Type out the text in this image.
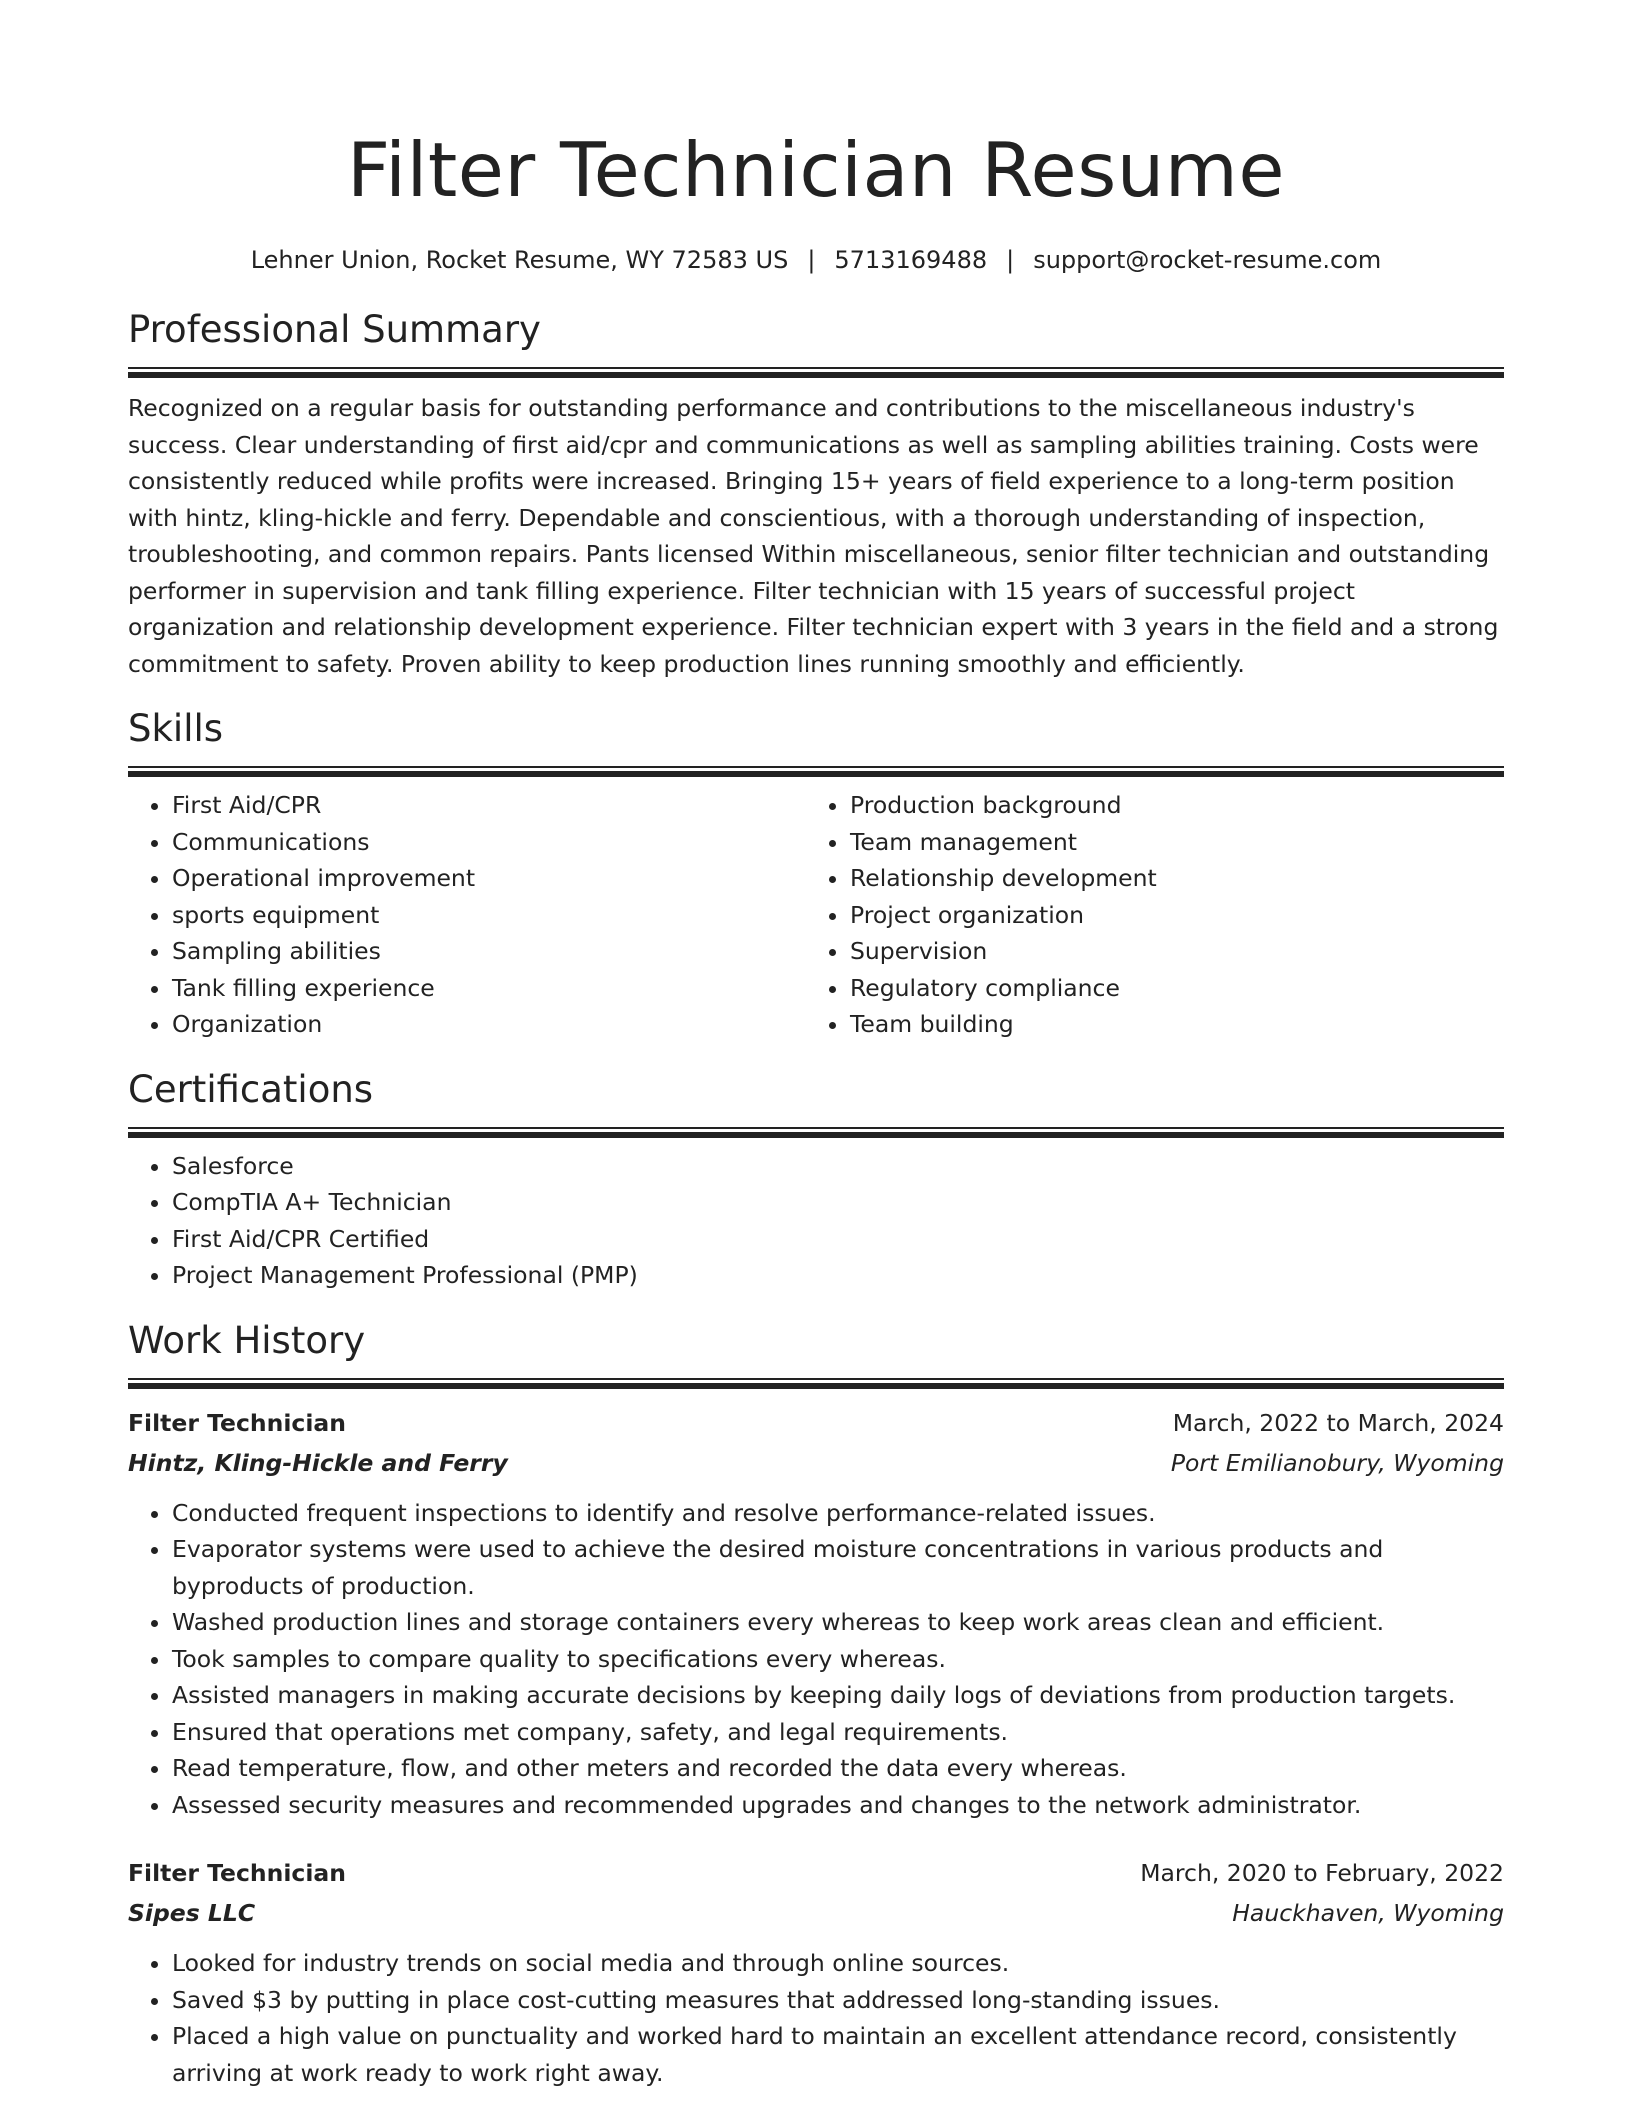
Filter Technician Resume
Lehner Union, Rocket Resume, WY 72583 US | 5713169488 | support@rocket-resume.com
Professional Summary

Recognized on a regular basis for outstanding performance and contributions to the miscellaneous industry's success. Clear understanding of first aid/cpr and communications as well as sampling abilities training. Costs were consistently reduced while profits were increased. Bringing 15+ years of field experience to a long-term position with hintz, kling-hickle and ferry. Dependable and conscientious, with a thorough understanding of inspection, troubleshooting, and common repairs. Pants licensed Within miscellaneous, senior filter technician and outstanding performer in supervision and tank filling experience. Filter technician with 15 years of successful project organization and relationship development experience. Filter technician expert with 3 years in the field and a strong commitment to safety. Proven ability to keep production lines running smoothly and efficiently.

Skills
• First Aid/CPR
• Communications
• Operational improvement
• sports equipment
• Sampling abilities
• Tank filling experience
• Organization
• Production background
• Team management
• Relationship development
• Project organization
• Supervision
• Regulatory compliance
• Team building
Certifications
• Salesforce
• CompTIA A+ Technician
• First Aid/CPR Certified
• Project Management Professional (PMP)
Work History
Filter Technician	March, 2022 to March, 2024
Hintz, Kling-Hickle and Ferry	Port Emilianobury, Wyoming
• Conducted frequent inspections to identify and resolve performance-related issues.
• Evaporator systems were used to achieve the desired moisture concentrations in various products and byproducts of production.
• Washed production lines and storage containers every whereas to keep work areas clean and efficient.
• Took samples to compare quality to specifications every whereas.
• Assisted managers in making accurate decisions by keeping daily logs of deviations from production targets.
• Ensured that operations met company, safety, and legal requirements.
• Read temperature, flow, and other meters and recorded the data every whereas.
• Assessed security measures and recommended upgrades and changes to the network administrator.
Filter Technician	March, 2020 to February, 2022
Sipes LLC	Hauckhaven, Wyoming
• Looked for industry trends on social media and through online sources.
• Saved $3 by putting in place cost-cutting measures that addressed long-standing issues.
• Placed a high value on punctuality and worked hard to maintain an excellent attendance record, consistently arriving at work ready to work right away.
